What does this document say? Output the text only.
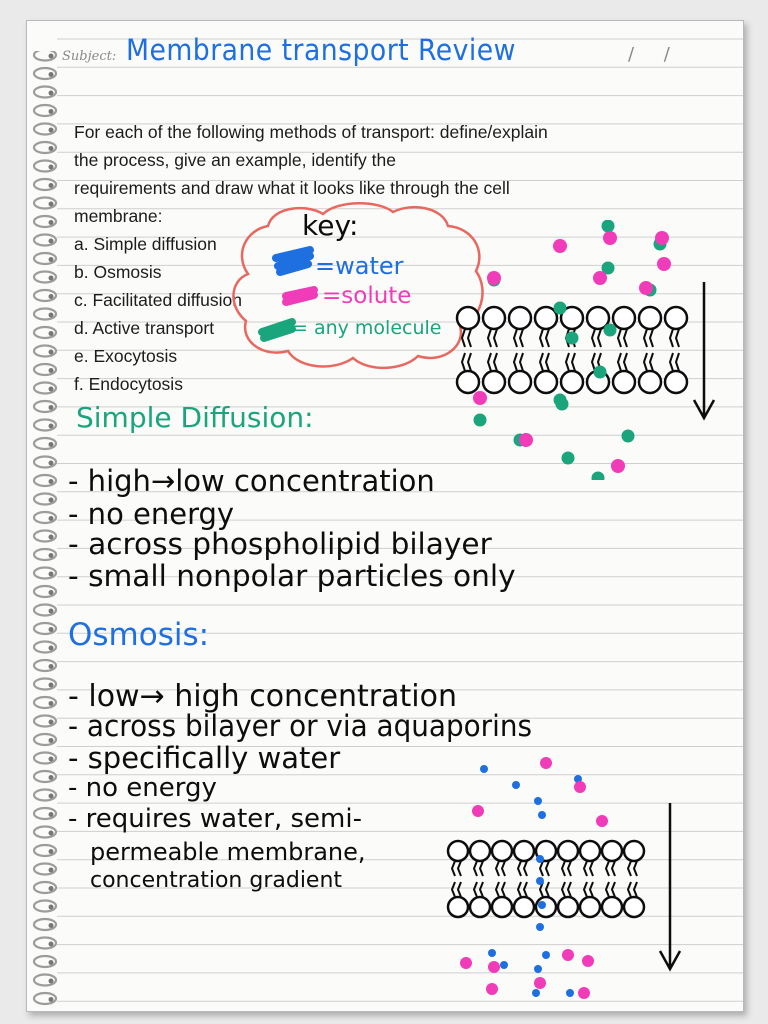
Subject:	/ /
Membrane transport Review
For each of the following methods of transport: define/explain
the process, give an example, identify the
requirements and draw what it looks like through the cell
membrane:
a. Simple diffusion
b. Osmosis
c. Facilitated diffusion
d. Active transport
e. Exocytosis
f. Endocytosis
key:
=water
=solute
= any molecule
Simple Diffusion:
- high→low concentration
- no energy
- across phospholipid bilayer
- small nonpolar particles only
Osmosis:
- low→ high concentration
- across bilayer or via aquaporins
- specifically water
- no energy
- requires water, semi-
permeable membrane,
concentration gradient
